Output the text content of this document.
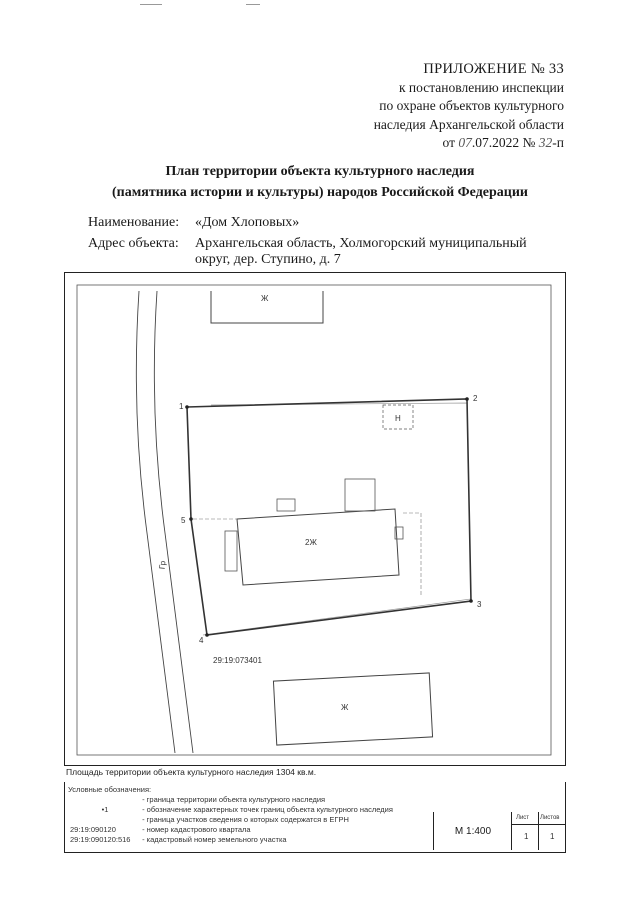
ПРИЛОЖЕНИЕ № 33
к постановлению инспекции
по охране объектов культурного
наследия Архангельской области
от 07.07.2022 № 32-п
План территории объекта культурного наследия
(памятника истории и культуры) народов Российской Федерации
Наименование: «Дом Хлоповых»
Адрес объекта: Архангельская область, Холмогорский муниципальный
округ, дер. Ступино, д. 7
Ж
Н
2Ж
Ж
Гр
29:19:073401
1
2
3
4
5
Площадь территории объекта культурного наследия 1304 кв.м.
Условные обозначения:
- граница территории объекта культурного наследия
•1	- обозначение характерных точек границ объекта культурного наследия
- граница участков сведения о которых содержатся в ЕГРН
29:19:090120	- номер кадастрового квартала
29:19:090120:516 - кадастровый номер земельного участка
М 1:400
Лист Листов
1	1
